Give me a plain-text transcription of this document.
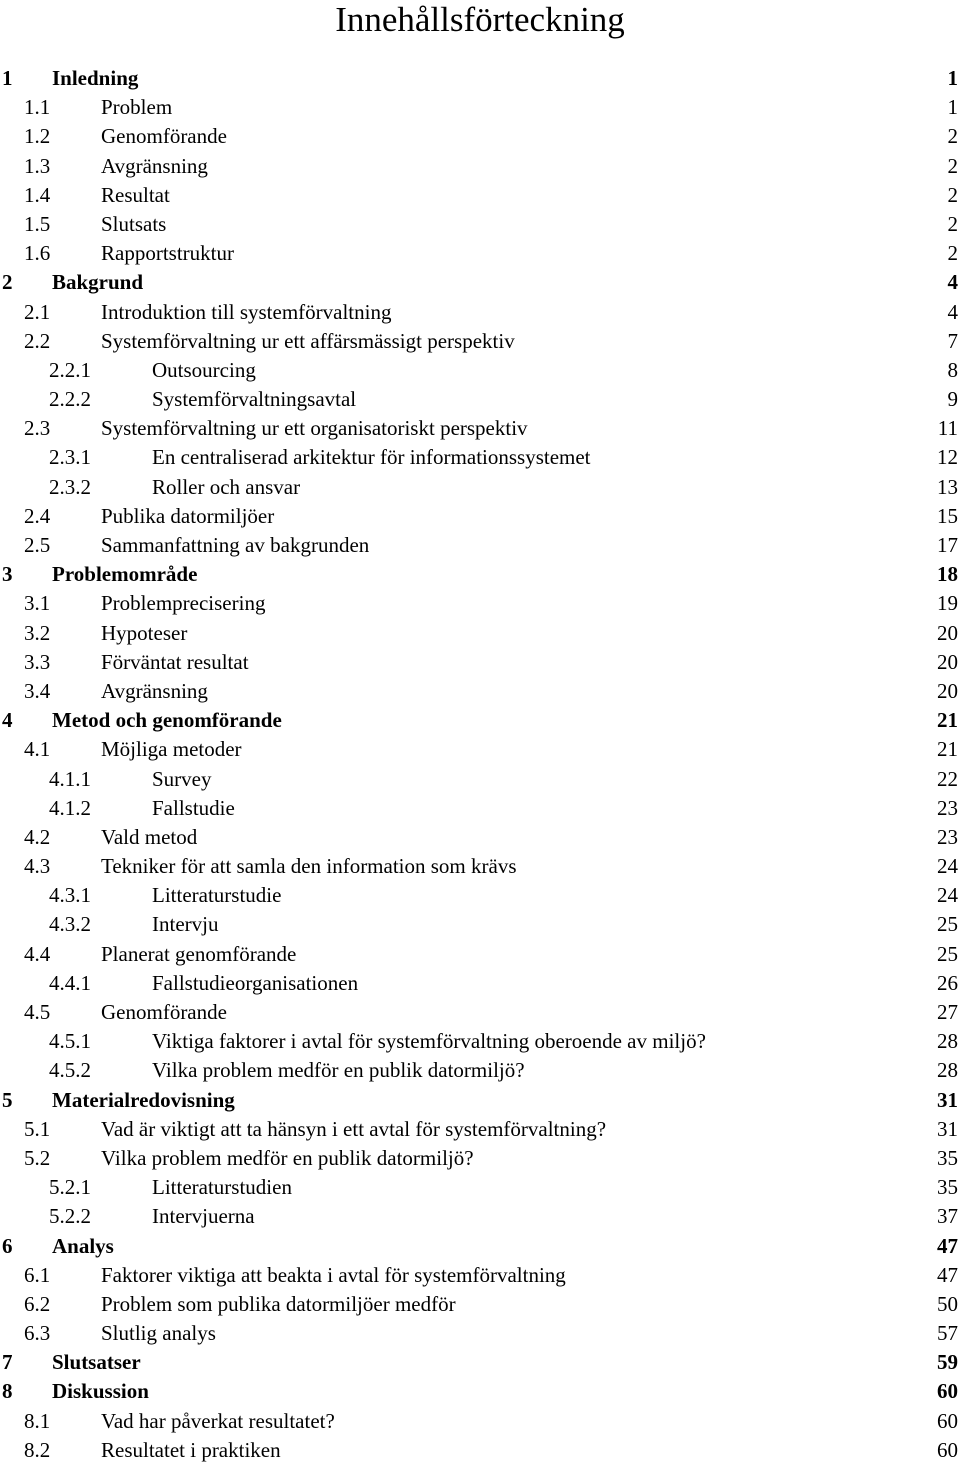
Innehållsförteckning
1	Inledning	1
1.1	Problem	1
1.2	Genomförande	2
1.3	Avgränsning	2
1.4	Resultat	2
1.5	Slutsats	2
1.6	Rapportstruktur	2
2	Bakgrund	4
2.1	Introduktion till systemförvaltning	4
2.2	Systemförvaltning ur ett affärsmässigt perspektiv	7
2.2.1	Outsourcing	8
2.2.2	Systemförvaltningsavtal	9
2.3	Systemförvaltning ur ett organisatoriskt perspektiv	11
2.3.1	En centraliserad arkitektur för informationssystemet	12
2.3.2	Roller och ansvar	13
2.4	Publika datormiljöer	15
2.5	Sammanfattning av bakgrunden	17
3	Problemområde	18
3.1	Problemprecisering	19
3.2	Hypoteser	20
3.3	Förväntat resultat	20
3.4	Avgränsning	20
4	Metod och genomförande	21
4.1	Möjliga metoder	21
4.1.1	Survey	22
4.1.2	Fallstudie	23
4.2	Vald metod	23
4.3	Tekniker för att samla den information som krävs	24
4.3.1	Litteraturstudie	24
4.3.2	Intervju	25
4.4	Planerat genomförande	25
4.4.1	Fallstudieorganisationen	26
4.5	Genomförande	27
4.5.1	Viktiga faktorer i avtal för systemförvaltning oberoende av miljö?	28
4.5.2	Vilka problem medför en publik datormiljö?	28
5	Materialredovisning	31
5.1	Vad är viktigt att ta hänsyn i ett avtal för systemförvaltning?	31
5.2	Vilka problem medför en publik datormiljö?	35
5.2.1	Litteraturstudien	35
5.2.2	Intervjuerna	37
6	Analys	47
6.1	Faktorer viktiga att beakta i avtal för systemförvaltning	47
6.2	Problem som publika datormiljöer medför	50
6.3	Slutlig analys	57
7	Slutsatser	59
8	Diskussion	60
8.1	Vad har påverkat resultatet?	60
8.2	Resultatet i praktiken	60
